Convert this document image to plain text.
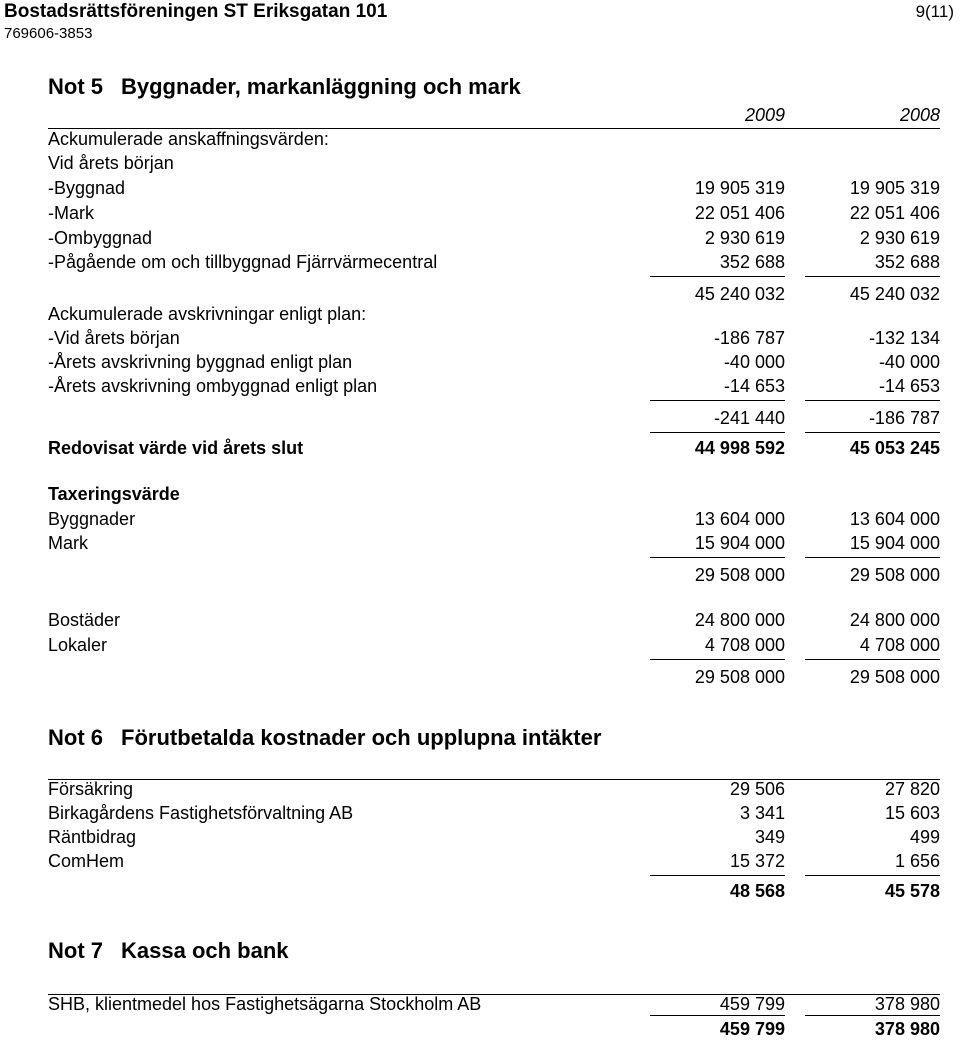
Bostadsrättsföreningen ST Eriksgatan 101
769606-3853
9(11)
Not 5 Byggnader, markanläggning och mark
2009	2008
Ackumulerade anskaffningsvärden:
Vid årets början
-Byggnad	19 905 319	19 905 319
-Mark	22 051 406	22 051 406
-Ombyggnad	2 930 619	2 930 619
-Pågående om och tillbyggnad Fjärrvärmecentral	352 688	352 688
45 240 032	45 240 032
Ackumulerade avskrivningar enligt plan:
-Vid årets början	-186 787	-132 134
-Årets avskrivning byggnad enligt plan	-40 000	-40 000
-Årets avskrivning ombyggnad enligt plan	-14 653	-14 653
-241 440	-186 787
Redovisat värde vid årets slut	44 998 592	45 053 245
Taxeringsvärde
Byggnader	13 604 000	13 604 000
Mark	15 904 000	15 904 000
29 508 000	29 508 000
Bostäder	24 800 000	24 800 000
Lokaler	4 708 000	4 708 000
29 508 000	29 508 000
Not 6 Förutbetalda kostnader och upplupna intäkter
Försäkring	29 506	27 820
Birkagårdens Fastighetsförvaltning AB	3 341	15 603
Räntbidrag	349	499
ComHem	15 372	1 656
48 568	45 578
Not 7 Kassa och bank
SHB, klientmedel hos Fastighetsägarna Stockholm AB	459 799	378 980
459 799	378 980
